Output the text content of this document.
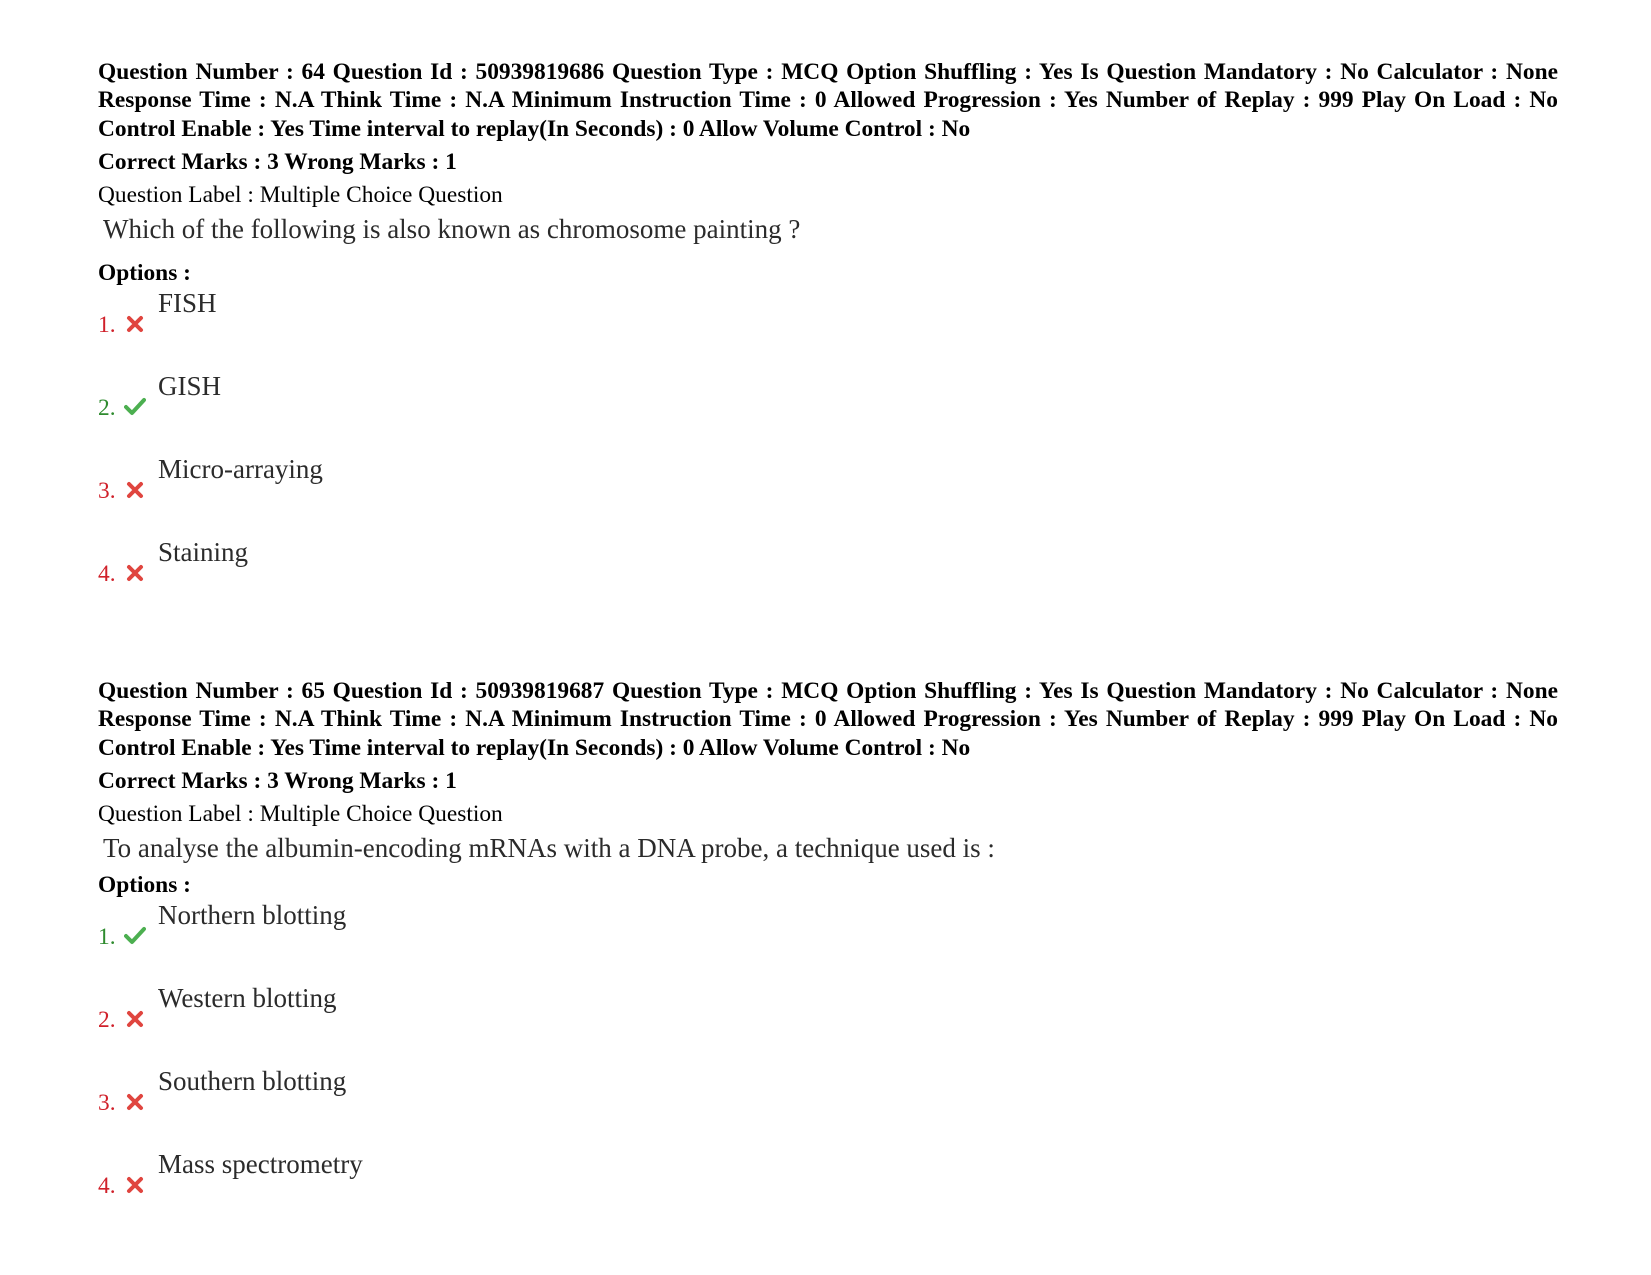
Question Number : 64 Question Id : 50939819686 Question Type : MCQ Option Shuffling : Yes Is Question Mandatory : No Calculator : None Response Time : N.A Think Time : N.A Minimum Instruction Time : 0 Allowed Progression : Yes Number of Replay : 999 Play On Load : No Control Enable : Yes Time interval to replay(In Seconds) : 0 Allow Volume Control : No
Correct Marks : 3 Wrong Marks : 1
Question Label : Multiple Choice Question
Which of the following is also known as chromosome painting ?
Options :
1.
FISH
2.
GISH
3.
Micro-arraying
4.
Staining
Question Number : 65 Question Id : 50939819687 Question Type : MCQ Option Shuffling : Yes Is Question Mandatory : No Calculator : None Response Time : N.A Think Time : N.A Minimum Instruction Time : 0 Allowed Progression : Yes Number of Replay : 999 Play On Load : No Control Enable : Yes Time interval to replay(In Seconds) : 0 Allow Volume Control : No
Correct Marks : 3 Wrong Marks : 1
Question Label : Multiple Choice Question
To analyse the albumin-encoding mRNAs with a DNA probe, a technique used is :
Options :
1.
Northern blotting
2.
Western blotting
3.
Southern blotting
4.
Mass spectrometry
